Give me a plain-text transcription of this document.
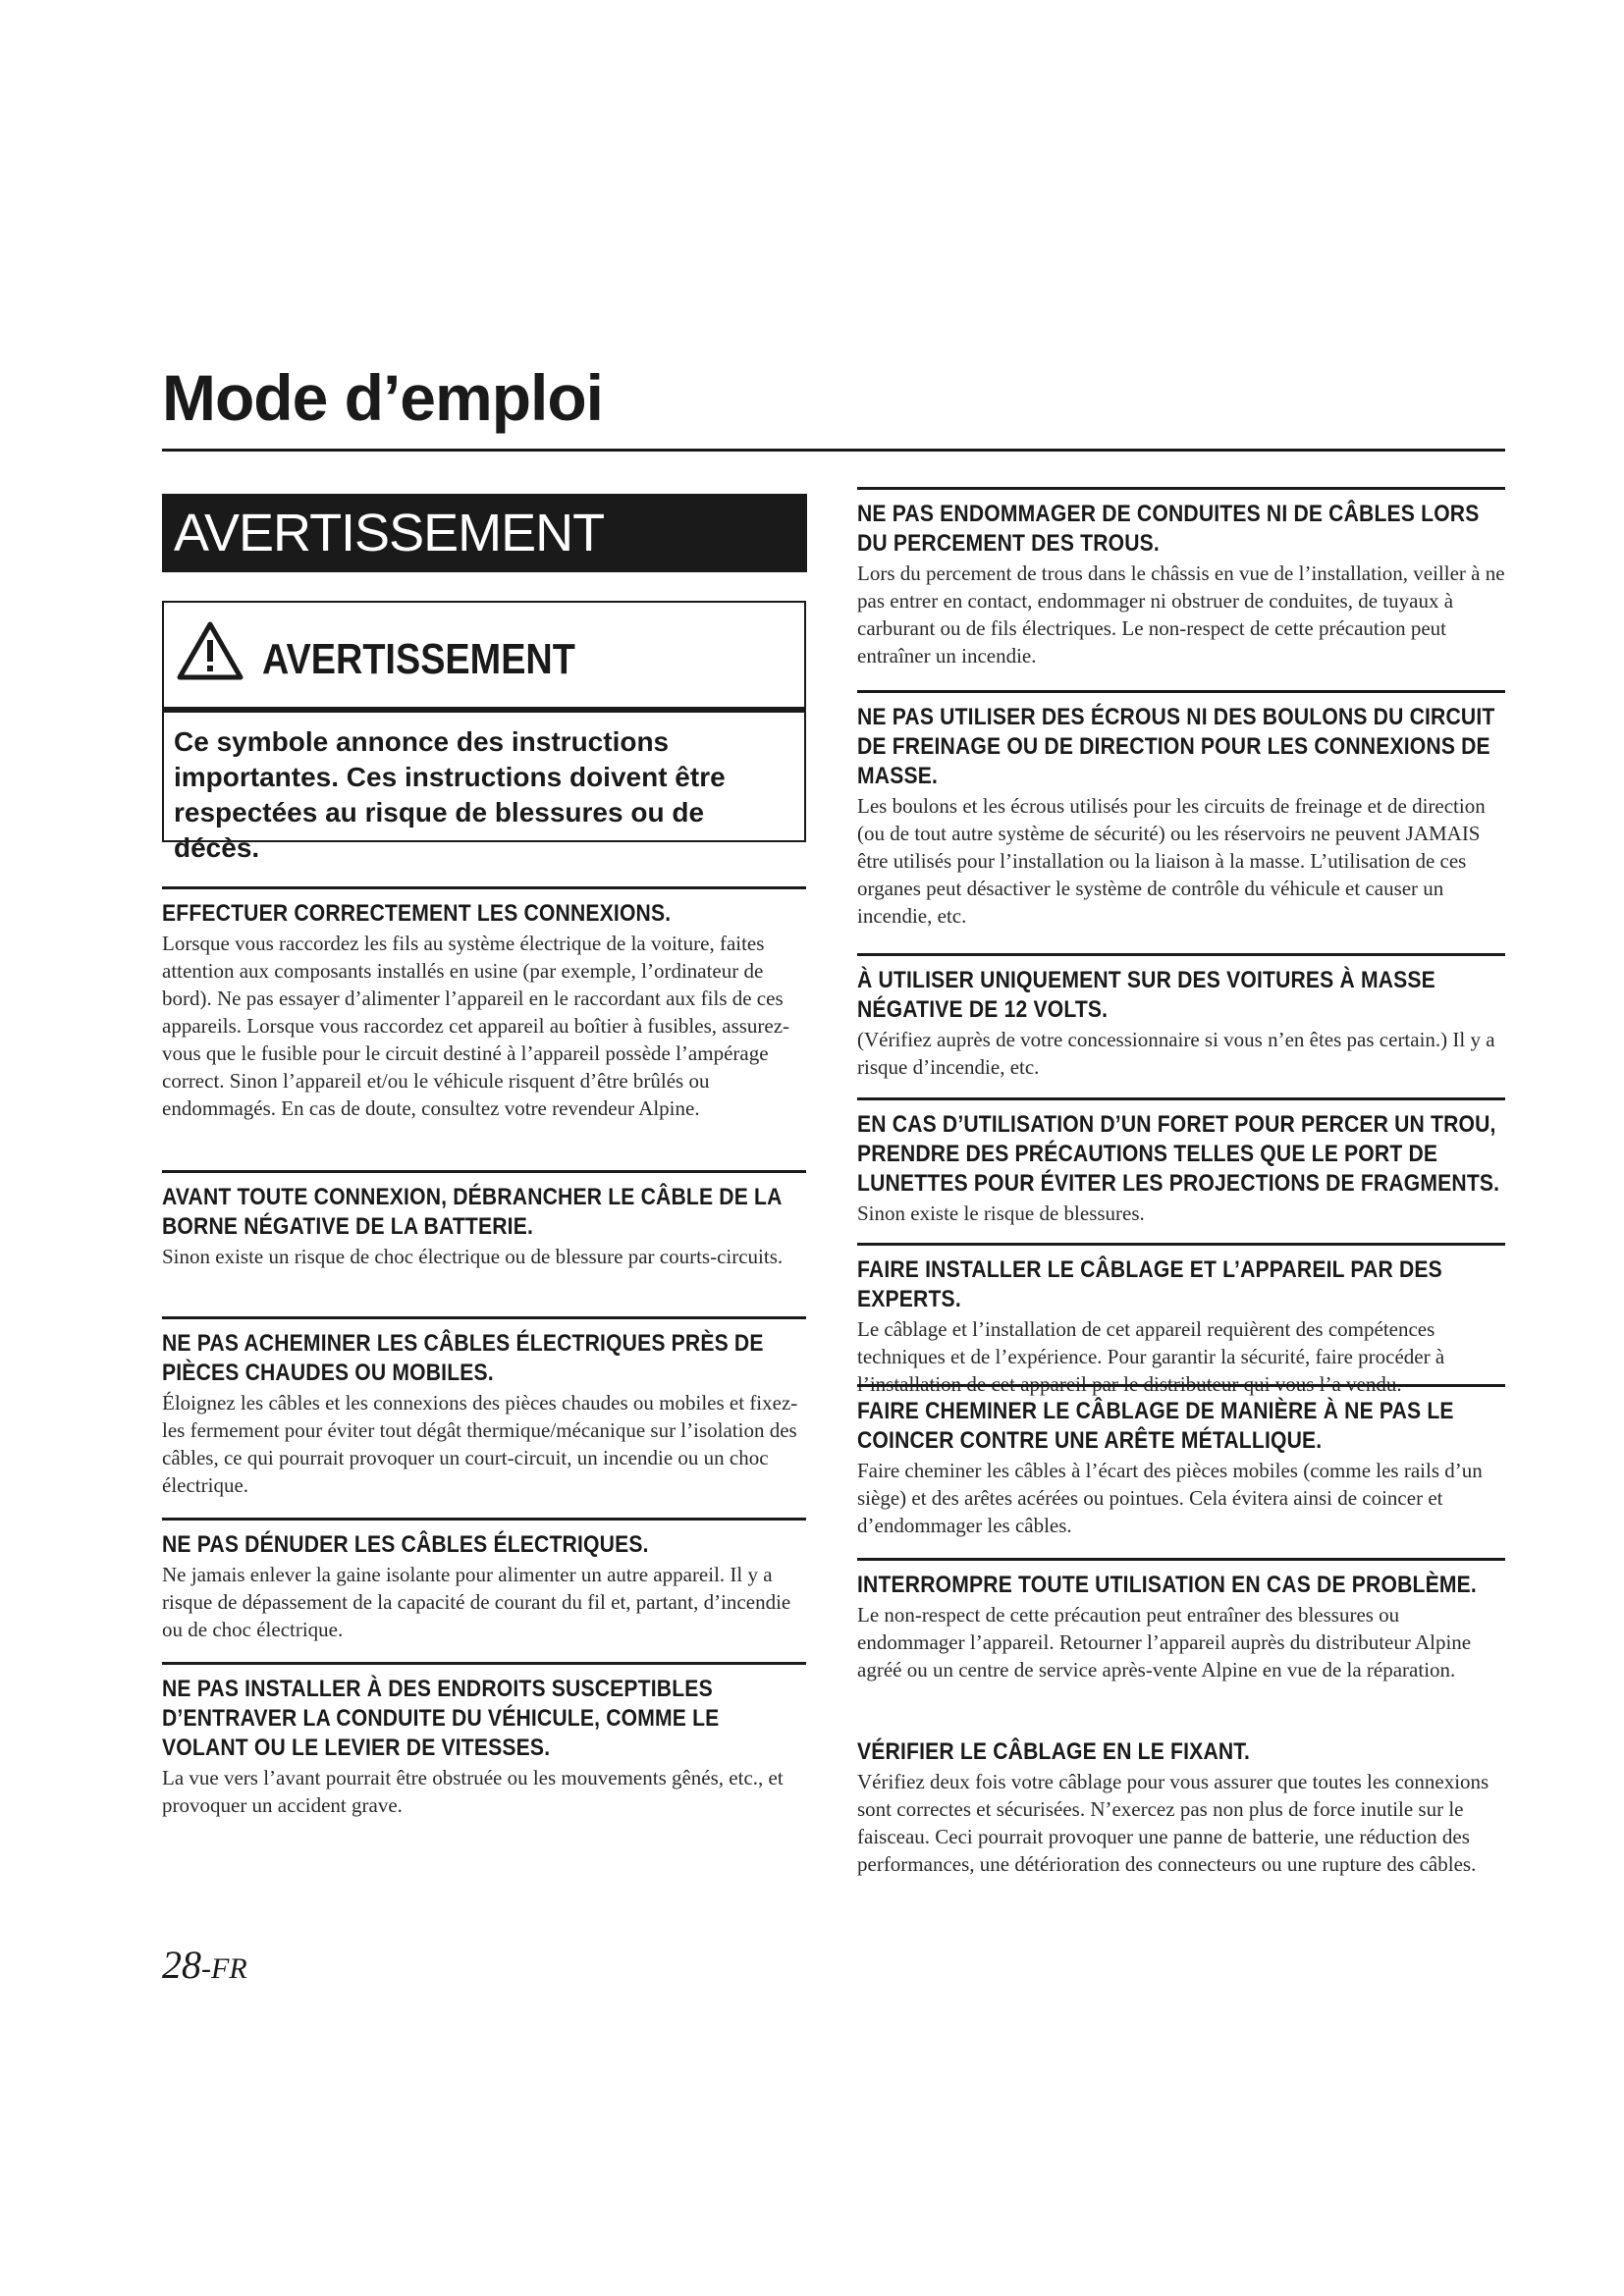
Mode d’emploi
AVERTISSEMENT
AVERTISSEMENT
Ce symbole annonce des instructions importantes. Ces instructions doivent être respectées au risque de blessures ou de décès.
EFFECTUER CORRECTEMENT LES CONNEXIONS.
Lorsque vous raccordez les fils au système électrique de la voiture, faites attention aux composants installés en usine (par exemple, l’ordinateur de bord). Ne pas essayer d’alimenter l’appareil en le raccordant aux fils de ces appareils. Lorsque vous raccordez cet appareil au boîtier à fusibles, assurez-vous que le fusible pour le circuit destiné à l’appareil possède l’ampérage correct. Sinon l’appareil et/ou le véhicule risquent d’être brûlés ou endommagés. En cas de doute, consultez votre revendeur Alpine.
AVANT TOUTE CONNEXION, DÉBRANCHER LE CÂBLE DE LA BORNE NÉGATIVE DE LA BATTERIE.
Sinon existe un risque de choc électrique ou de blessure par courts-circuits.
NE PAS ACHEMINER LES CÂBLES ÉLECTRIQUES PRÈS DE PIÈCES CHAUDES OU MOBILES.
Éloignez les câbles et les connexions des pièces chaudes ou mobiles et fixez-les fermement pour éviter tout dégât thermique/mécanique sur l’isolation des câbles, ce qui pourrait provoquer un court-circuit, un incendie ou un choc électrique.
NE PAS DÉNUDER LES CÂBLES ÉLECTRIQUES.
Ne jamais enlever la gaine isolante pour alimenter un autre appareil. Il y a risque de dépassement de la capacité de courant du fil et, partant, d’incendie ou de choc électrique.
NE PAS INSTALLER À DES ENDROITS SUSCEPTIBLES D’ENTRAVER LA CONDUITE DU VÉHICULE, COMME LE VOLANT OU LE LEVIER DE VITESSES.
La vue vers l’avant pourrait être obstruée ou les mouvements gênés, etc., et provoquer un accident grave.
NE PAS ENDOMMAGER DE CONDUITES NI DE CÂBLES LORS DU PERCEMENT DES TROUS.
Lors du percement de trous dans le châssis en vue de l’installation, veiller à ne pas entrer en contact, endommager ni obstruer de conduites, de tuyaux à carburant ou de fils électriques. Le non-respect de cette précaution peut entraîner un incendie.
NE PAS UTILISER DES ÉCROUS NI DES BOULONS DU CIRCUIT DE FREINAGE OU DE DIRECTION POUR LES CONNEXIONS DE MASSE.
Les boulons et les écrous utilisés pour les circuits de freinage et de direction (ou de tout autre système de sécurité) ou les réservoirs ne peuvent JAMAIS être utilisés pour l’installation ou la liaison à la masse. L’utilisation de ces organes peut désactiver le système de contrôle du véhicule et causer un incendie, etc.
À UTILISER UNIQUEMENT SUR DES VOITURES À MASSE NÉGATIVE DE 12 VOLTS.
(Vérifiez auprès de votre concessionnaire si vous n’en êtes pas certain.) Il y a risque d’incendie, etc.
EN CAS D’UTILISATION D’UN FORET POUR PERCER UN TROU, PRENDRE DES PRÉCAUTIONS TELLES QUE LE PORT DE LUNETTES POUR ÉVITER LES PROJECTIONS DE FRAGMENTS.
Sinon existe le risque de blessures.
FAIRE INSTALLER LE CÂBLAGE ET L’APPAREIL PAR DES EXPERTS.
Le câblage et l’installation de cet appareil requièrent des compétences techniques et de l’expérience. Pour garantir la sécurité, faire procéder à l’installation de cet appareil par le distributeur qui vous l’a vendu.
FAIRE CHEMINER LE CÂBLAGE DE MANIÈRE À NE PAS LE COINCER CONTRE UNE ARÊTE MÉTALLIQUE.
Faire cheminer les câbles à l’écart des pièces mobiles (comme les rails d’un siège) et des arêtes acérées ou pointues. Cela évitera ainsi de coincer et d’endommager les câbles.
INTERROMPRE TOUTE UTILISATION EN CAS DE PROBLÈME.
Le non-respect de cette précaution peut entraîner des blessures ou endommager l’appareil. Retourner l’appareil auprès du distributeur Alpine agréé ou un centre de service après-vente Alpine en vue de la réparation.
VÉRIFIER LE CÂBLAGE EN LE FIXANT.
Vérifiez deux fois votre câblage pour vous assurer que toutes les connexions sont correctes et sécurisées. N’exercez pas non plus de force inutile sur le faisceau. Ceci pourrait provoquer une panne de batterie, une réduction des performances, une détérioration des connecteurs ou une rupture des câbles.
28-FR
